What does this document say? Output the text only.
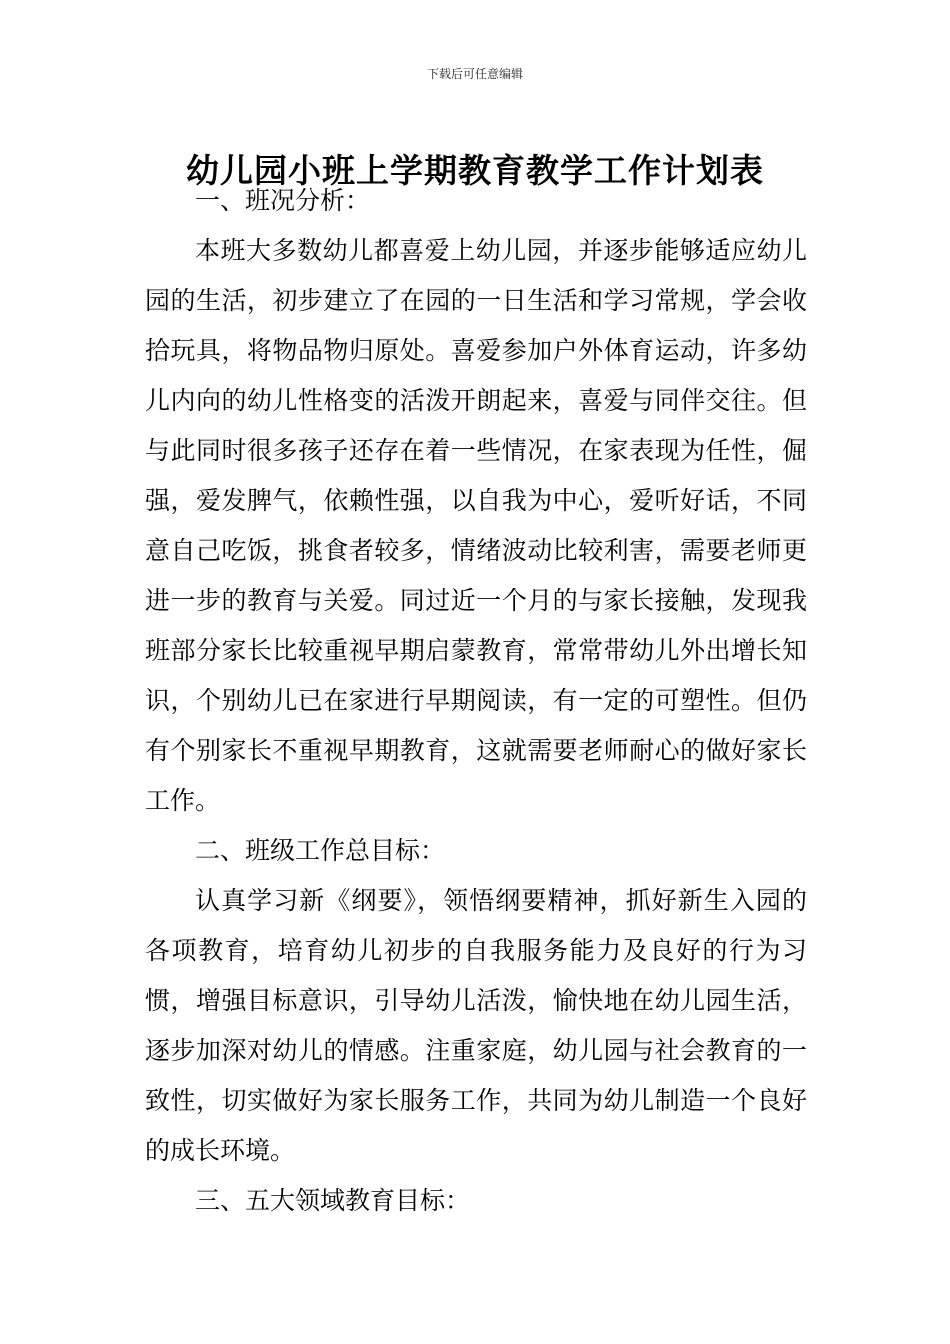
下载后可任意编辑
幼儿园小班上学期教育教学工作计划表

一、班况分析：

本班大多数幼儿都喜爱上幼儿园，并逐步能够适应幼儿园的生活，初步建立了在园的一日生活和学习常规，学会收拾玩具，将物品物归原处。喜爱参加户外体育运动，许多幼儿内向的幼儿性格变的活泼开朗起来，喜爱与同伴交往。但与此同时很多孩子还存在着一些情况，在家表现为任性，倔强，爱发脾气，依赖性强，以自我为中心，爱听好话，不同意自己吃饭，挑食者较多，情绪波动比较利害，需要老师更进一步的教育与关爱。同过近一个月的与家长接触，发现我班部分家长比较重视早期启蒙教育，常常带幼儿外出增长知识，个别幼儿已在家进行早期阅读，有一定的可塑性。但仍有个别家长不重视早期教育，这就需要老师耐心的做好家长工作。

二、班级工作总目标：

认真学习新《纲要》，领悟纲要精神，抓好新生入园的各项教育，培育幼儿初步的自我服务能力及良好的行为习惯，增强目标意识，引导幼儿活泼，愉快地在幼儿园生活，逐步加深对幼儿的情感。注重家庭，幼儿园与社会教育的一致性，切实做好为家长服务工作，共同为幼儿制造一个良好的成长环境。

三、五大领域教育目标：
